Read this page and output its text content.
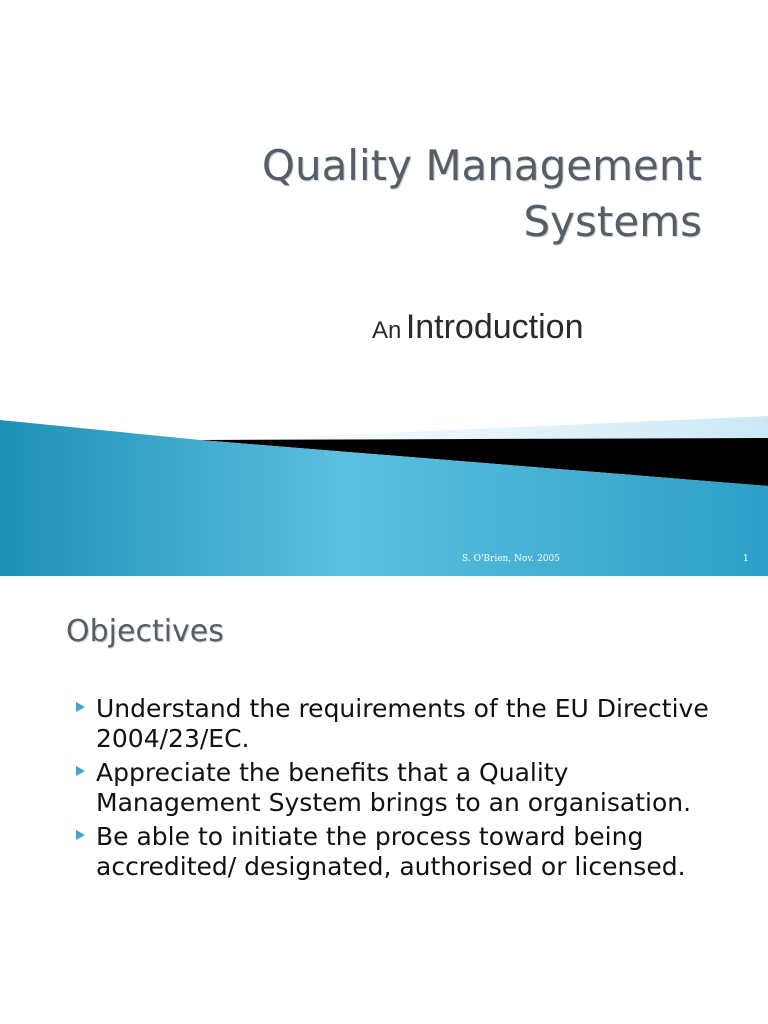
Quality Management
Systems
An Introduction
S. O'Brien, Nov. 2005	1
Objectives
Understand the requirements of the EU Directive 2004/23/EC.
Appreciate the benefits that a Quality Management System brings to an organisation.
Be able to initiate the process toward being accredited/ designated, authorised or licensed.
